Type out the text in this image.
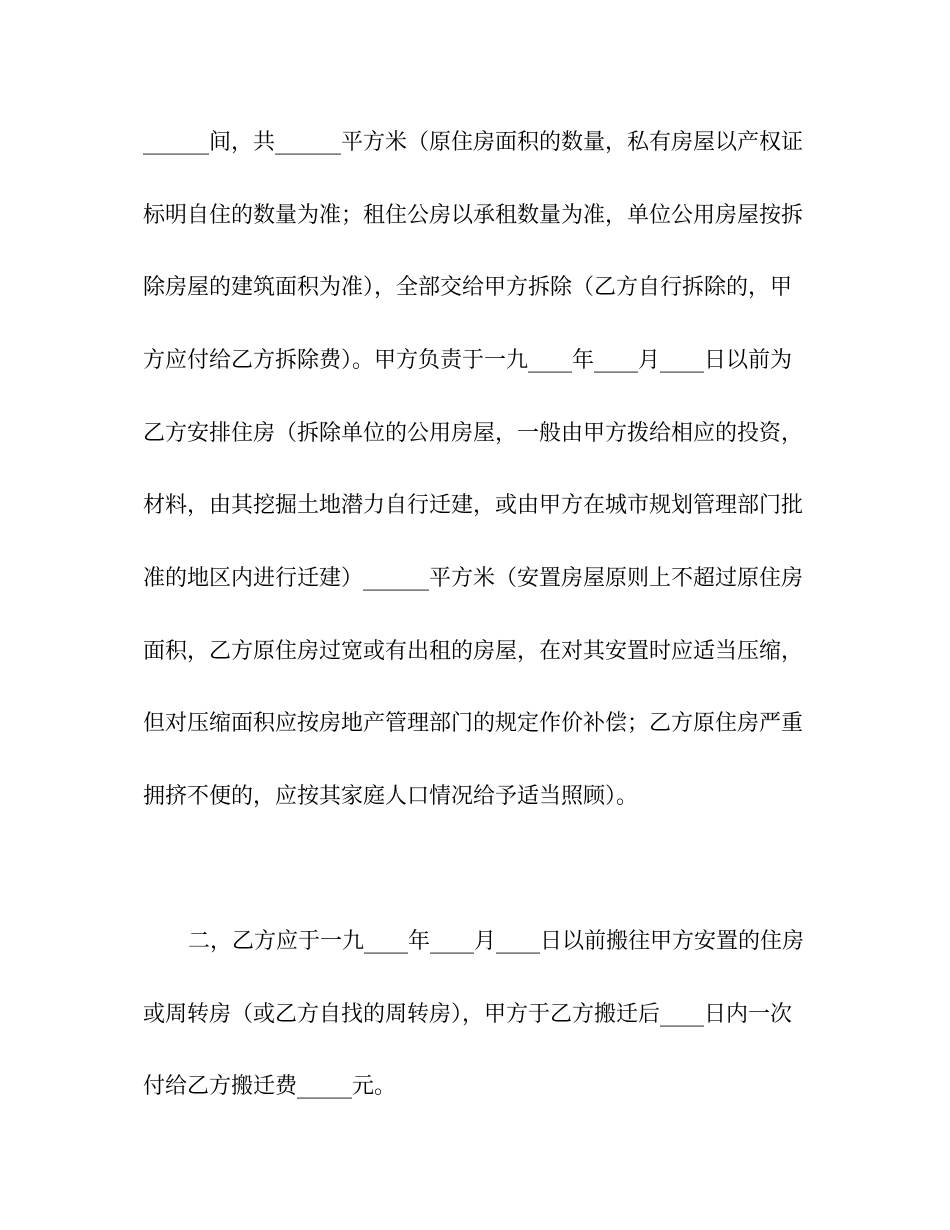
______间，共______平方米（原住房面积的数量，私有房屋以产权证
标明自住的数量为准；租住公房以承租数量为准，单位公用房屋按拆
除房屋的建筑面积为准），全部交给甲方拆除（乙方自行拆除的，甲
方应付给乙方拆除费）。甲方负责于一九____年____月____日以前为
乙方安排住房（拆除单位的公用房屋，一般由甲方拨给相应的投资，
材料，由其挖掘土地潜力自行迁建，或由甲方在城市规划管理部门批
准的地区内进行迁建）______平方米（安置房屋原则上不超过原住房
面积，乙方原住房过宽或有出租的房屋，在对其安置时应适当压缩，
但对压缩面积应按房地产管理部门的规定作价补偿；乙方原住房严重
拥挤不便的，应按其家庭人口情况给予适当照顾）。
二，乙方应于一九____年____月____日以前搬往甲方安置的住房
或周转房（或乙方自找的周转房），甲方于乙方搬迁后____日内一次
付给乙方搬迁费_____元。
